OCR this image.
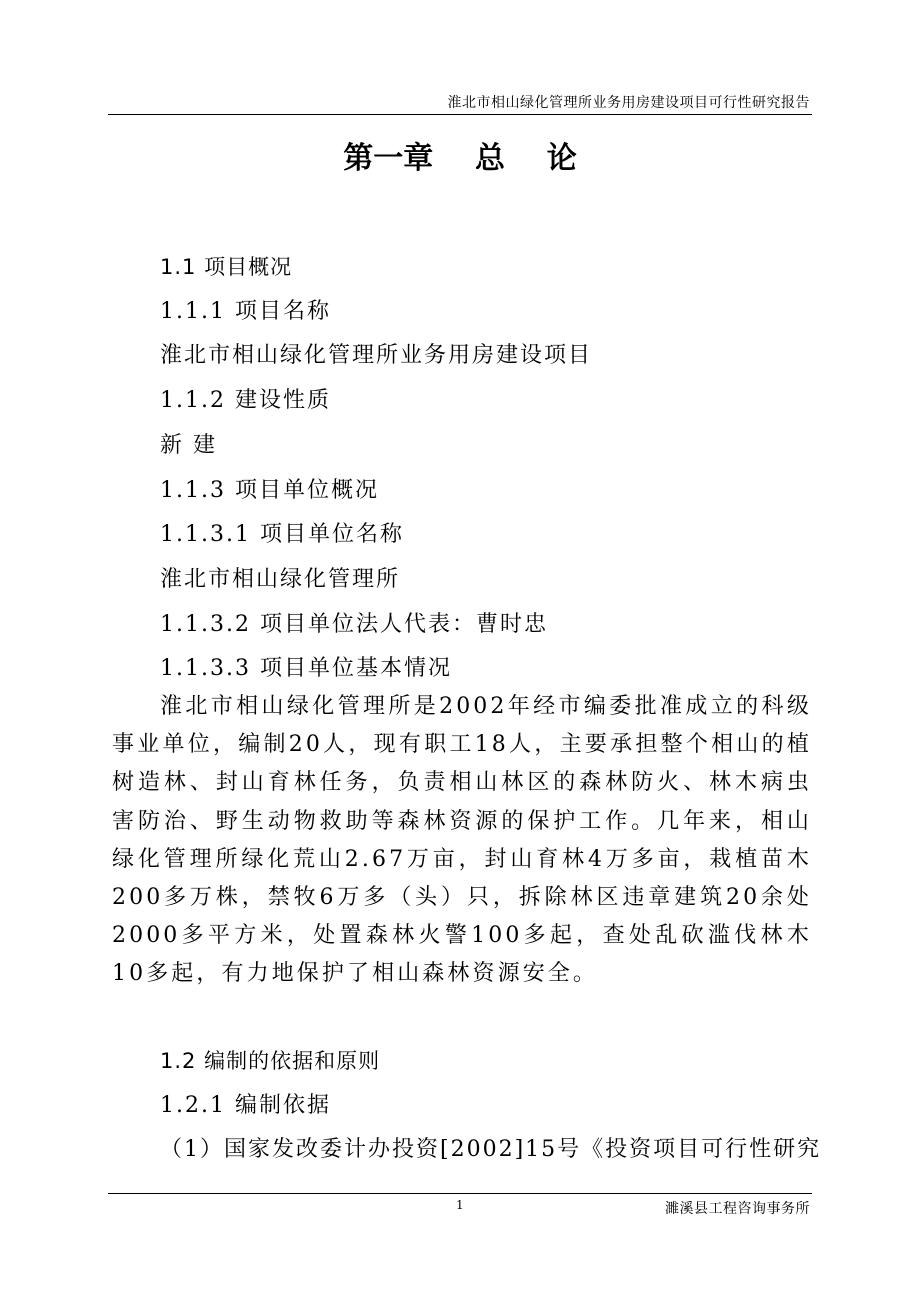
淮北市相山绿化管理所业务用房建设项目可行性研究报告
第一章    总    论
1.1 项目概况
1.1.1 项目名称
淮北市相山绿化管理所业务用房建设项目
1.1.2 建设性质
新 建
1.1.3 项目单位概况
1.1.3.1 项目单位名称
淮北市相山绿化管理所
1.1.3.2 项目单位法人代表：曹时忠
1.1.3.3 项目单位基本情况
淮北市相山绿化管理所是2002年经市编委批准成立的科级事业单位，编制20人，现有职工18人，主要承担整个相山的植树造林、封山育林任务，负责相山林区的森林防火、林木病虫害防治、野生动物救助等森林资源的保护工作。几年来，相山绿化管理所绿化荒山2.67万亩，封山育林4万多亩，栽植苗木200多万株，禁牧6万多（头）只，拆除林区违章建筑20余处2000多平方米，处置森林火警100多起，查处乱砍滥伐林木10多起，有力地保护了相山森林资源安全。
1.2 编制的依据和原则
1.2.1 编制依据
（1）国家发改委计办投资[2002]15号《投资项目可行性研究
1	濉溪县工程咨询事务所
